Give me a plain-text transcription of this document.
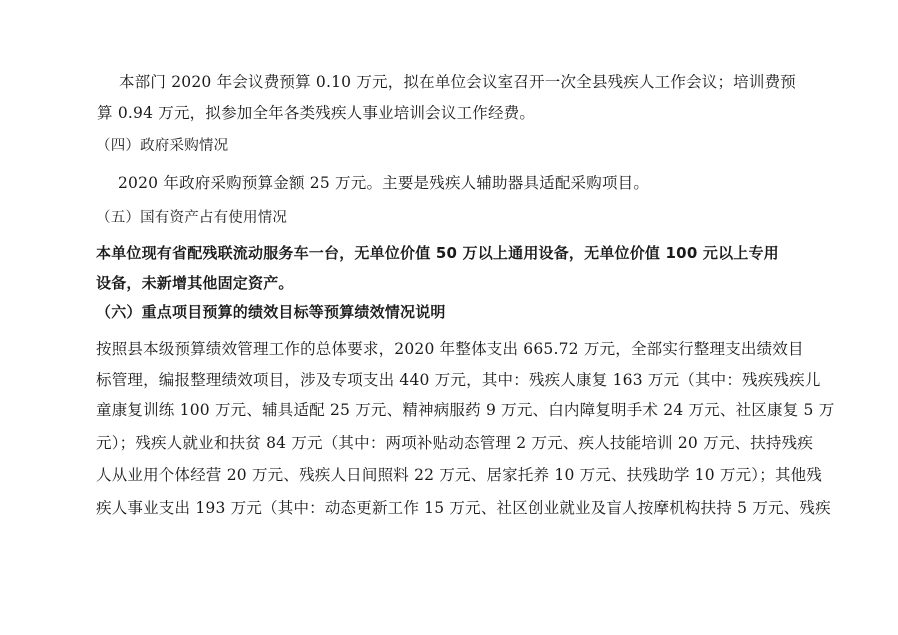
本部门 2020 年会议费预算 0.10 万元，拟在单位会议室召开一次全县残疾人工作会议；培训费预
算 0.94 万元，拟参加全年各类残疾人事业培训会议工作经费。
（四）政府采购情况
2020 年政府采购预算金额 25 万元。主要是残疾人辅助器具适配采购项目。
（五）国有资产占有使用情况
本单位现有省配残联流动服务车一台，无单位价值 50 万以上通用设备，无单位价值 100 元以上专用
设备，未新增其他固定资产。
（六）重点项目预算的绩效目标等预算绩效情况说明
按照县本级预算绩效管理工作的总体要求，2020 年整体支出 665.72 万元，全部实行整理支出绩效目
标管理，编报整理绩效项目，涉及专项支出 440 万元，其中：残疾人康复 163 万元（其中：残疾残疾儿
童康复训练 100 万元、辅具适配 25 万元、精神病服药 9 万元、白内障复明手术 24 万元、社区康复 5 万
元）；残疾人就业和扶贫 84 万元（其中：两项补贴动态管理 2 万元、疾人技能培训 20 万元、扶持残疾
人从业用个体经营 20 万元、残疾人日间照料 22 万元、居家托养 10 万元、扶残助学 10 万元）；其他残
疾人事业支出 193 万元（其中：动态更新工作 15 万元、社区创业就业及盲人按摩机构扶持 5 万元、残疾
